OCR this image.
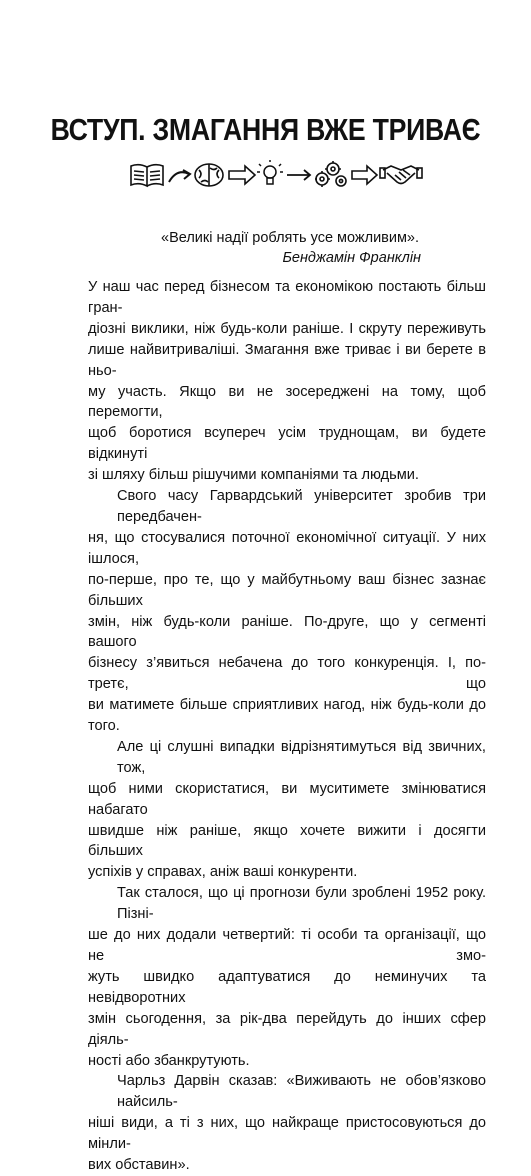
ВСТУП. ЗМАГАННЯ ВЖЕ ТРИВАЄ
«Великі надії роблять усе можливим».
Бенджамін Франклін
У наш час перед бізнесом та економікою постають більш гран-
діозні виклики, ніж будь-коли раніше. І скруту переживуть
лише найвитриваліші. Змагання вже триває і ви берете в ньо-
му участь. Якщо ви не зосереджені на тому, щоб перемогти,
щоб боротися всупереч усім труднощам, ви будете відкинуті
зі шляху більш рішучими компаніями та людьми.
Свого часу Гарвардський університет зробив три передбачен-
ня, що стосувалися поточної економічної ситуації. У них ішлося,
по-перше, про те, що у майбутньому ваш бізнес зазнає більших
змін, ніж будь-коли раніше. По-друге, що у сегменті вашого
бізнесу з’явиться небачена до того конкуренція. І, по-третє, що
ви матимете більше сприятливих нагод, ніж будь-коли до того.
Але ці слушні випадки відрізнятимуться від звичних, тож,
щоб ними скористатися, ви муситимете змінюватися набагато
швидше ніж раніше, якщо хочете вижити і досягти більших
успіхів у справах, аніж ваші конкуренти.
Так сталося, що ці прогнози були зроблені 1952 року. Пізні-
ше до них додали четвертий: ті особи та організації, що не змо-
жуть швидко адаптуватися до неминучих та невідворотних
змін сьогодення, за рік-два перейдуть до інших сфер діяль-
ності або збанкрутують.
Чарльз Дарвін сказав: «Виживають не обов’язково найсиль-
ніші види, а ті з них, що найкраще пристосовуються до мінли-
вих обставин».
